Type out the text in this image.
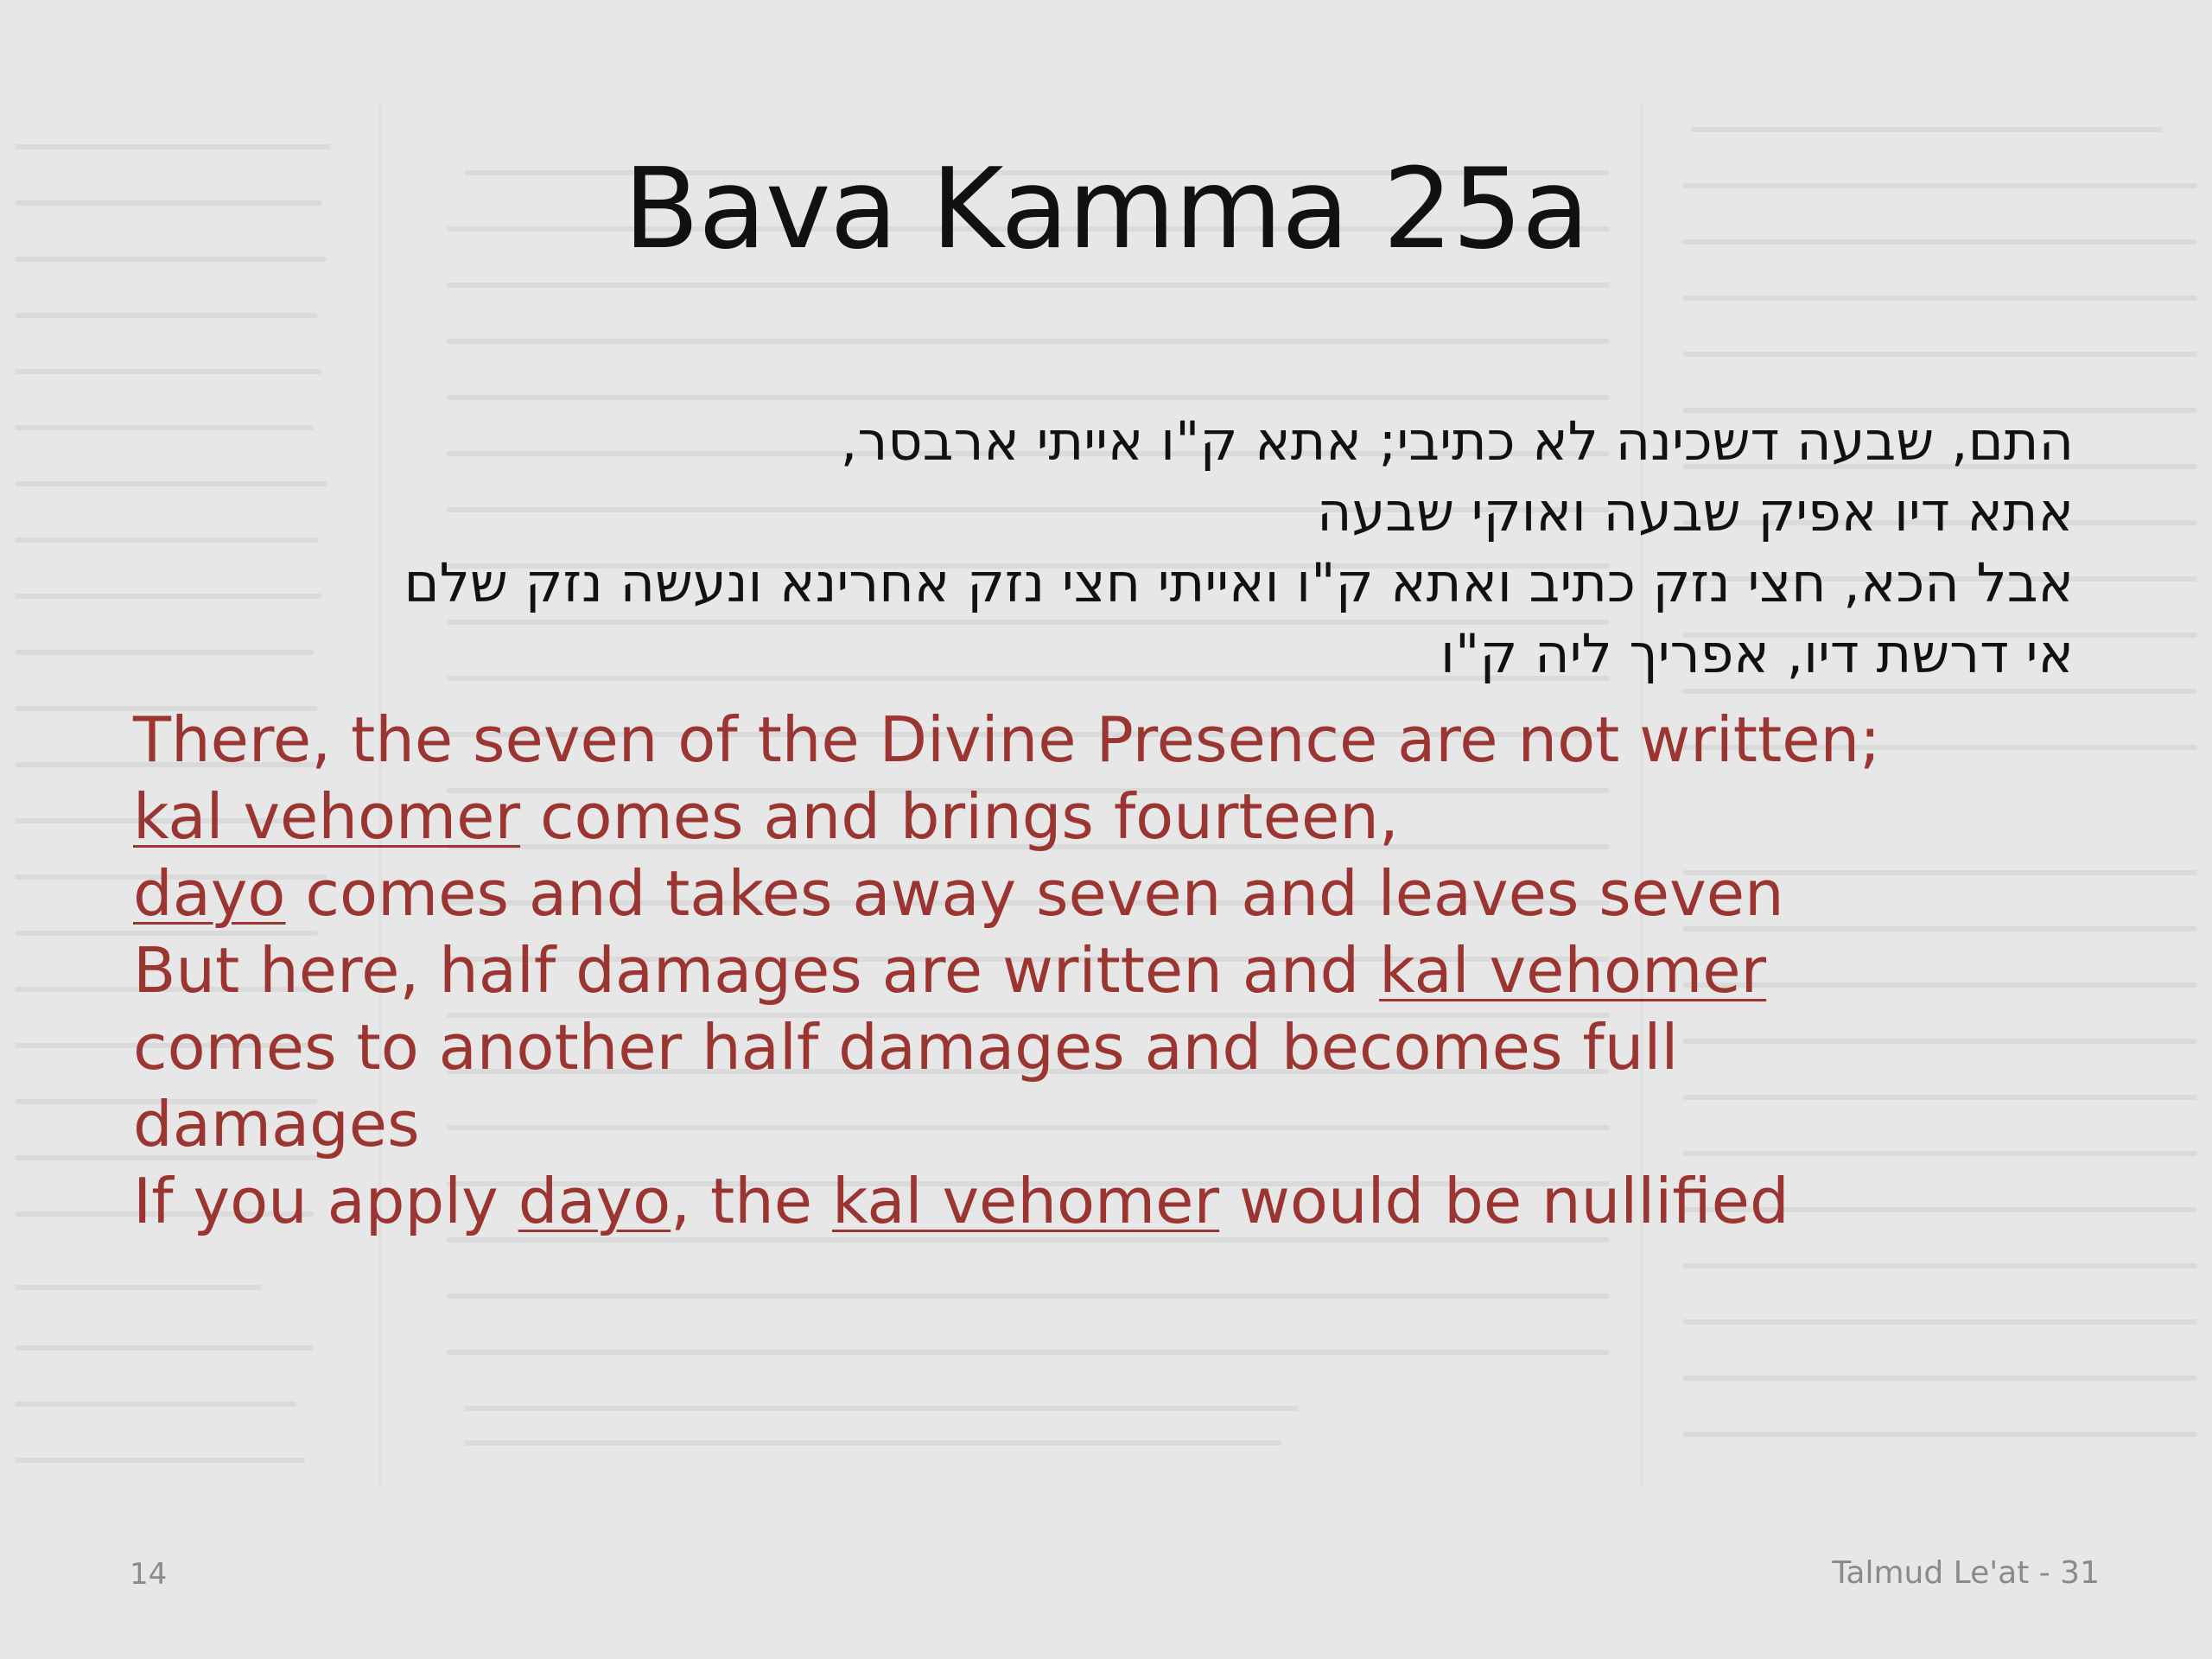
Bava Kamma 25a
התם, שבעה דשכינה לא כתיבי; אתא ק"ו אייתי ארבסר,
אתא דיו אפיק שבעה ואוקי שבעה
אבל הכא, חצי נזק כתיב ואתא ק"ו ואייתי חצי נזק אחרינא ונעשה נזק שלם
אי דרשת דיו, אפריך ליה ק"ו
There, the seven of the Divine Presence are not written;
kal vehomer comes and brings fourteen,
dayo comes and takes away seven and leaves seven
But here, half damages are written and kal vehomer
comes to another half damages and becomes full
damages
If you apply dayo, the kal vehomer would be nullified
14	Talmud Le'at - 31
